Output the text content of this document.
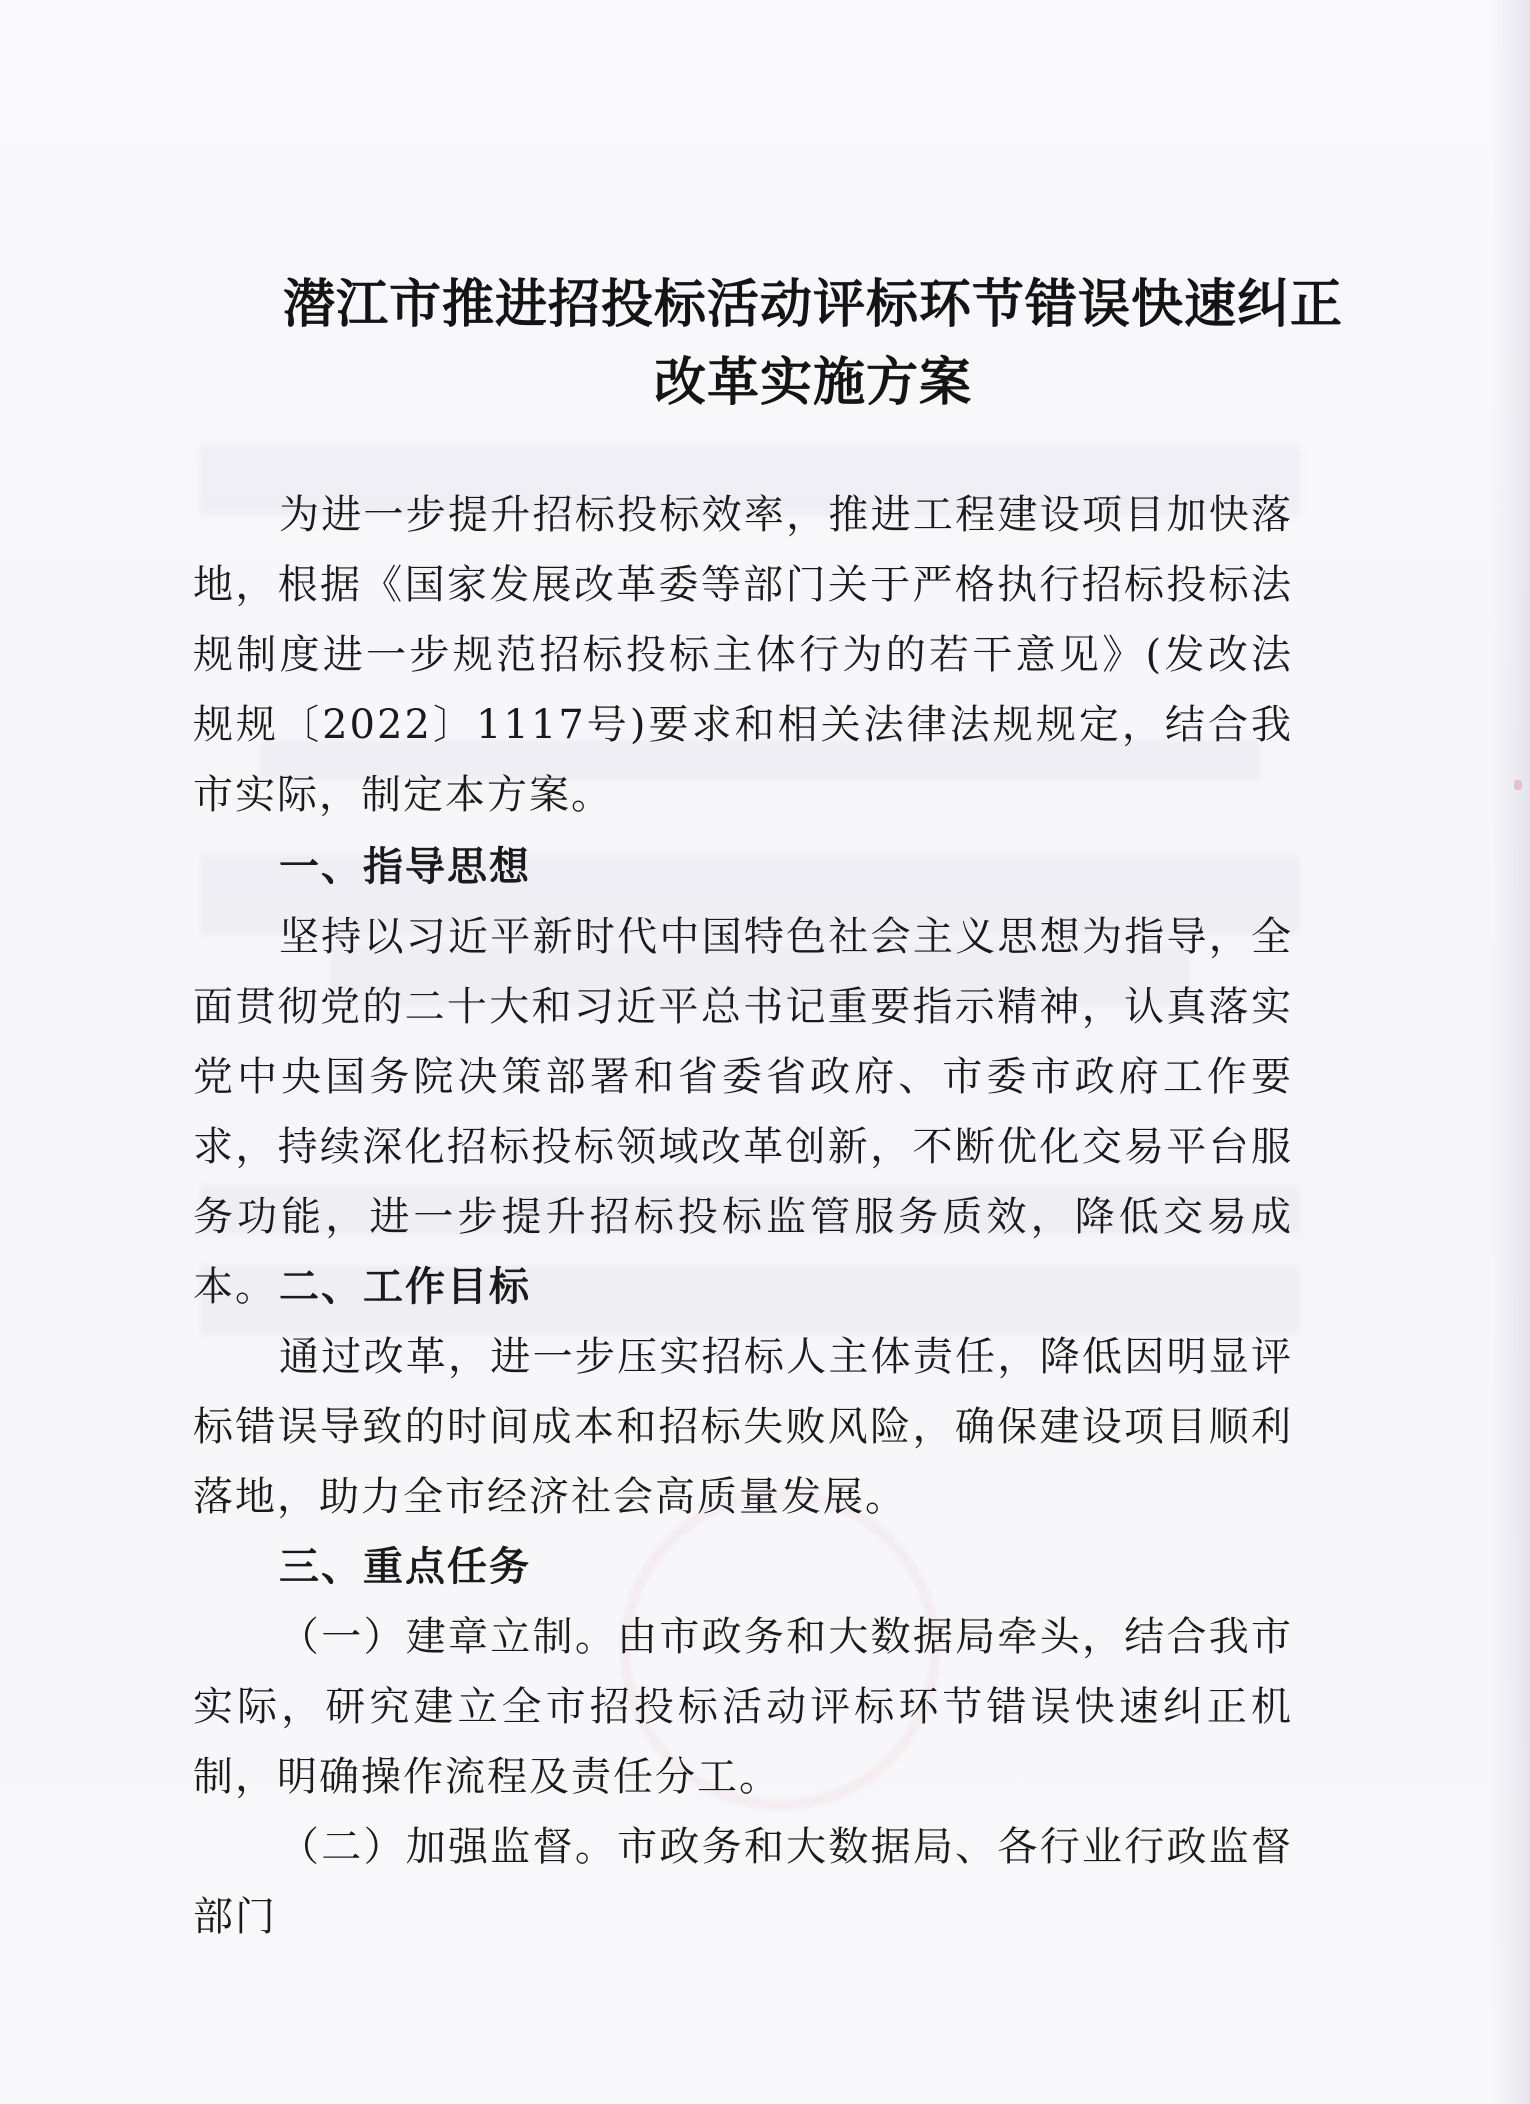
潜江市推进招投标活动评标环节错误快速纠正
改革实施方案
为进一步提升招标投标效率，推进工程建设项目加快落地，根据《国家发展改革委等部门关于严格执行招标投标法规制度进一步规范招标投标主体行为的若干意见》(发改法规规〔2022〕1117号)要求和相关法律法规规定，结合我市实际，制定本方案。
一、指导思想
坚持以习近平新时代中国特色社会主义思想为指导，全面贯彻党的二十大和习近平总书记重要指示精神，认真落实党中央国务院决策部署和省委省政府、市委市政府工作要求，持续深化招标投标领域改革创新，不断优化交易平台服务功能，进一步提升招标投标监管服务质效，降低交易成本。 二、工作目标
通过改革，进一步压实招标人主体责任，降低因明显评标错误导致的时间成本和招标失败风险，确保建设项目顺利落地，助力全市经济社会高质量发展。
三、重点任务
（一）建章立制。由市政务和大数据局牵头，结合我市实际，研究建立全市招投标活动评标环节错误快速纠正机制，明确操作流程及责任分工。
（二）加强监督。市政务和大数据局、各行业行政监督部门
